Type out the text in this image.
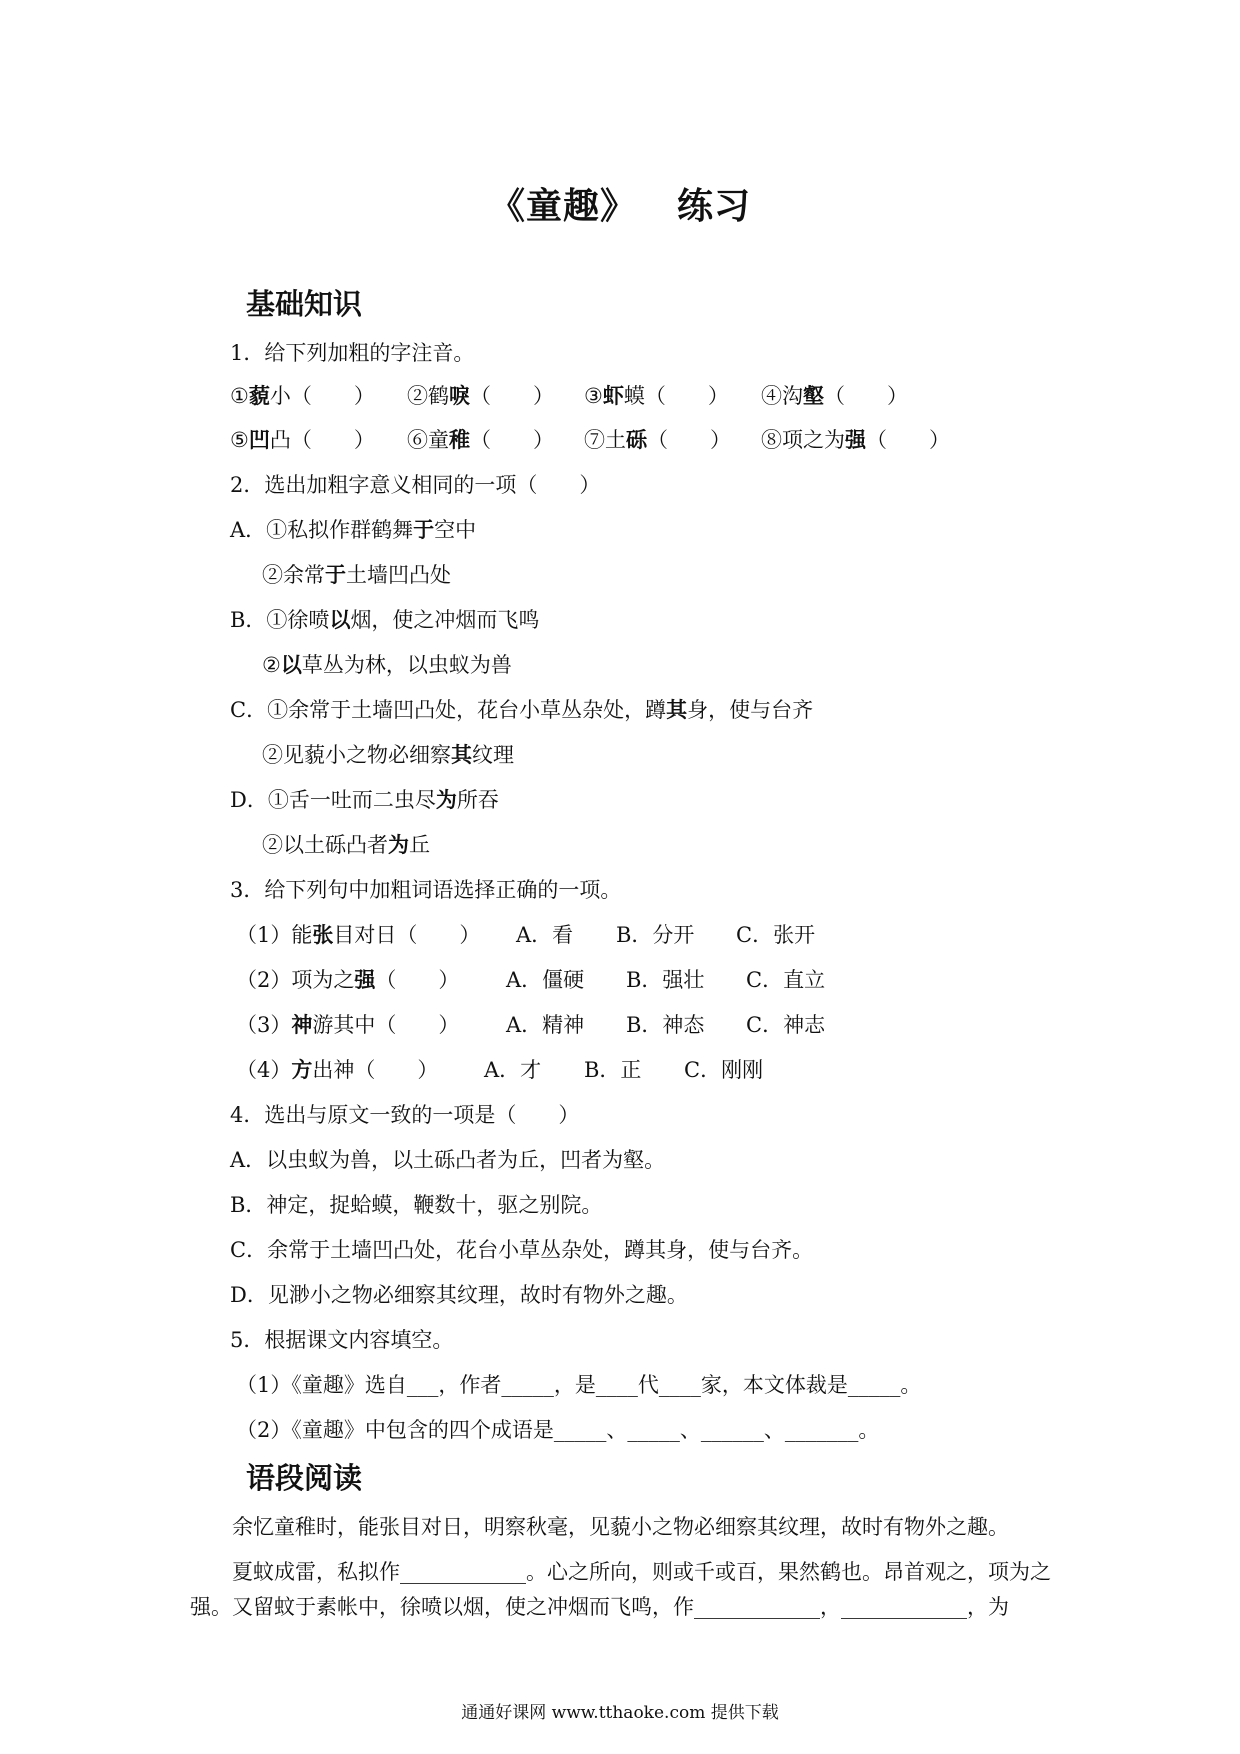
《童趣》 练习
基础知识
1．给下列加粗的字注音。
①藐小（　　）	②鹤唳（　　）	③虾蟆（　　）	④沟壑（　　）
⑤凹凸（　　）	⑥童稚（　　）	⑦土砾（　　）	⑧项之为强（　　）
2．选出加粗字意义相同的一项（　　）
A．①私拟作群鹤舞于空中
②余常于土墙凹凸处
B．①徐喷以烟，使之冲烟而飞鸣
②以草丛为林，以虫蚁为兽
C．①余常于土墙凹凸处，花台小草丛杂处，蹲其身，使与台齐
②见藐小之物必细察其纹理
D．①舌一吐而二虫尽为所吞
②以土砾凸者为丘
3．给下列句中加粗词语选择正确的一项。
（1）能张目对日（　　） A．看 B．分开 C．张开
（2）项为之强（　　） A．僵硬 B．强壮 C．直立
（3）神游其中（　　） A．精神 B．神态 C．神志
（4）方出神（　　） A．才 B．正 C．刚刚
4．选出与原文一致的一项是（　　）
A．以虫蚁为兽，以土砾凸者为丘，凹者为壑。
B．神定，捉蛤蟆，鞭数十，驱之别院。
C．余常于土墙凹凸处，花台小草丛杂处，蹲其身，使与台齐。
D．见渺小之物必细察其纹理，故时有物外之趣。
5．根据课文内容填空。
（1）《童趣》选自___，作者_____，是____代____家，本文体裁是_____。
（2）《童趣》中包含的四个成语是_____、_____、______、_______。
语段阅读

余忆童稚时，能张目对日，明察秋毫，见藐小之物必细察其纹理，故时有物外之趣。

夏蚊成雷，私拟作____________。心之所向，则或千或百，果然鹤也。昂首观之，项为之强。又留蚊于素帐中，徐喷以烟，使之冲烟而飞鸣，作____________，____________，为

通通好课网 www.tthaoke.com 提供下载
